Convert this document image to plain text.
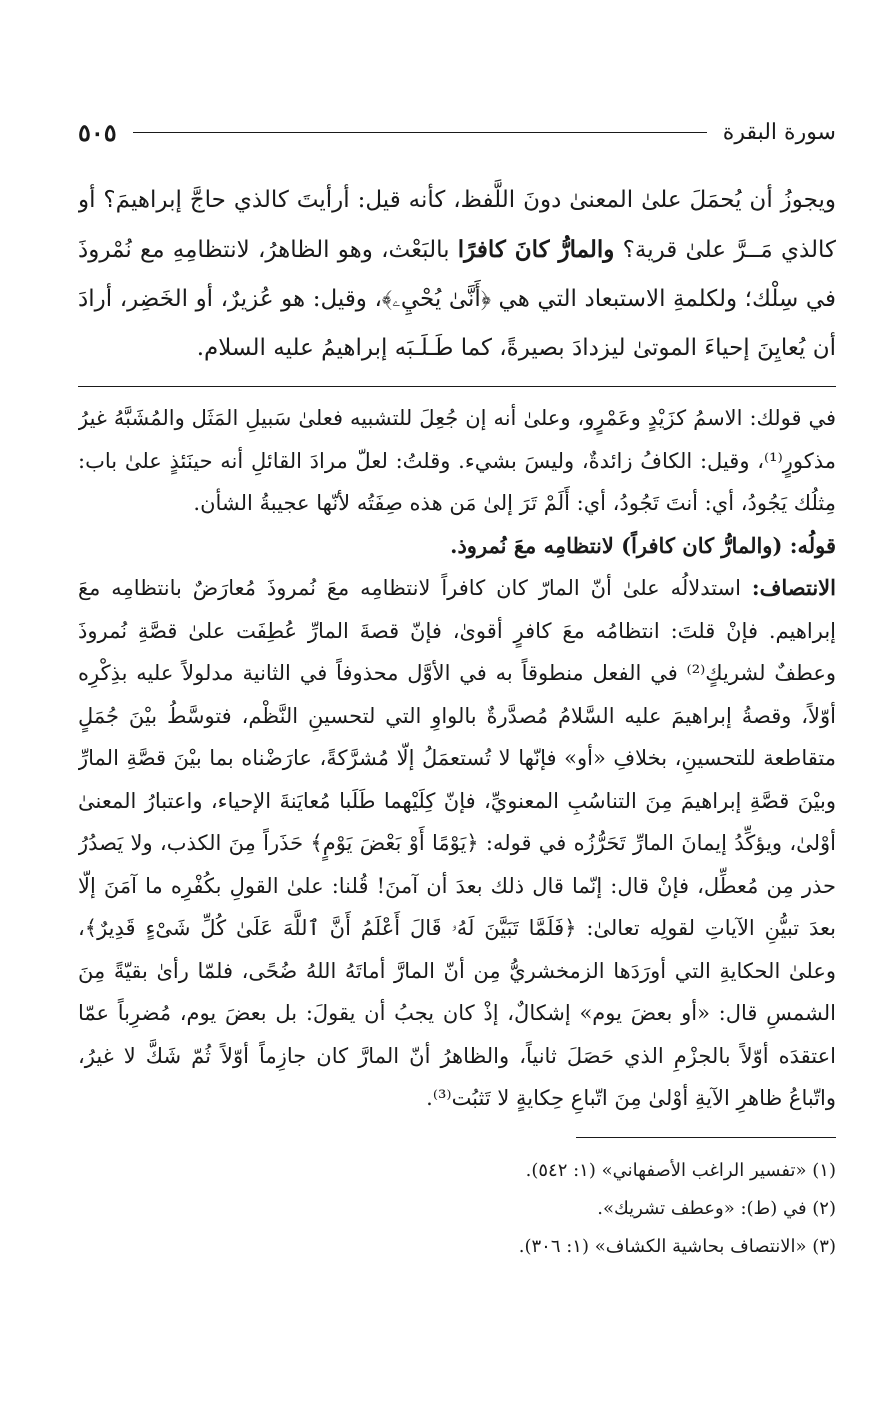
سورة البقرة
٥٠٥
ويجوزُ أن يُحمَلَ علىٰ المعنىٰ دونَ اللَّفظ، كأنه قيل: أرأيتَ كالذي حاجَّ إبراهيمَ؟ أو كالذي مَــرَّ علىٰ قرية؟ والمارُّ كانَ كافرًا بالبَعْث، وهو الظاهرُ، لانتظامِهِ مع نُمْروذَ في سِلْك؛ ولكلمةِ الاستبعاد التي هي ﴿أَنَّىٰ يُحْيِۦ﴾، وقيل: هو عُزيرٌ، أو الخَضِر، أرادَ أن يُعايِنَ إحياءَ الموتىٰ ليزدادَ بصيرةً، كما طَـلَـبَه إبراهيمُ عليه السلام.

في قولك: الاسمُ كزَيْدٍ وعَمْرٍو، وعلىٰ أنه إن جُعِلَ للتشبيه فعلىٰ سَبيلِ المَثَل والمُشَبَّهُ غيرُ مذكورٍ⁽¹⁾، وقيل: الكافُ زائدةٌ، وليسَ بشيء. وقلتُ: لعلّ مرادَ القائلِ أنه حينَئذٍ علىٰ باب: مِثلُك يَجُودُ، أي: أنتَ تَجُودُ، أي: أَلَمْ تَرَ إلىٰ مَن هذه صِفَتُه لأنّها عجيبةُ الشأن.

قولُه: (والمارُّ كان كافراً) لانتظامِه معَ نُمروذ.

الانتصاف: استدلالُه علىٰ أنّ المارّ كان كافراً لانتظامِه معَ نُمروذَ مُعارَضٌ بانتظامِه معَ إبراهيم. فإنْ قلتَ: انتظامُه معَ كافرٍ أقوىٰ، فإنّ قصةَ المارِّ عُطِفَت علىٰ قصَّةِ نُمروذَ وعطفٌ لشريكٍ⁽²⁾ في الفعل منطوقاً به في الأوَّل محذوفاً في الثانية مدلولاً عليه بذِكْرِه أوّلاً، وقصةُ إبراهيمَ عليه السَّلامُ مُصدَّرةٌ بالواوِ التي لتحسينِ النَّظْم، فتوسَّطُ بيْنَ جُمَلٍ متقاطعة للتحسينِ، بخلافِ «أو» فإنّها لا تُستعمَلُ إلّا مُشرَّكةً، عارَضْناه بما بيْنَ قصَّةِ المارِّ وبيْنَ قصَّةِ إبراهيمَ مِنَ التناسُبِ المعنويِّ، فإنّ كِلَيْهما طَلَبا مُعايَنةَ الإحياء، واعتبارُ المعنىٰ أوْلىٰ، ويؤكِّدُ إيمانَ المارِّ تَحَرُّزُه في قوله: ﴿يَوْمًا أَوْ بَعْضَ يَوْمٍ﴾ حَذَراً مِنَ الكذب، ولا يَصدُرُ حذر مِن مُعطِّل، فإنْ قال: إنّما قال ذلك بعدَ أن آمنَ! قُلنا: علىٰ القولِ بكُفْرِه ما آمَنَ إلّا بعدَ تبيُّنِ الآياتِ لقولِه تعالىٰ: ﴿فَلَمَّا تَبَيَّنَ لَهُۥ قَالَ أَعْلَمُ أَنَّ ٱللَّهَ عَلَىٰ كُلِّ شَىْءٍ قَدِيرٌ﴾، وعلىٰ الحكايةِ التي أورَدَها الزمخشريُّ مِن أنّ المارَّ أماتَهُ اللهُ ضُحًى، فلمّا رأىٰ بقيّةً مِنَ الشمسِ قال: «أو بعضَ يوم» إشكالٌ، إذْ كان يجبُ أن يقولَ: بل بعضَ يوم، مُضرِباً عمّا اعتقدَه أوّلاً بالجزْمِ الذي حَصَلَ ثانياً، والظاهرُ أنّ المارَّ كان جازِماً أوّلاً ثُمّ شَكَّ لا غيرُ، واتّباعُ ظاهرِ الآيةِ أوْلىٰ مِنَ اتّباعِ حِكايةٍ لا تَثبُت⁽³⁾.

(١) «تفسير الراغب الأصفهاني» (١: ٥٤٢).
(٢) في (ط): «وعطف تشريك».
(٣) «الانتصاف بحاشية الكشاف» (١: ٣٠٦).
